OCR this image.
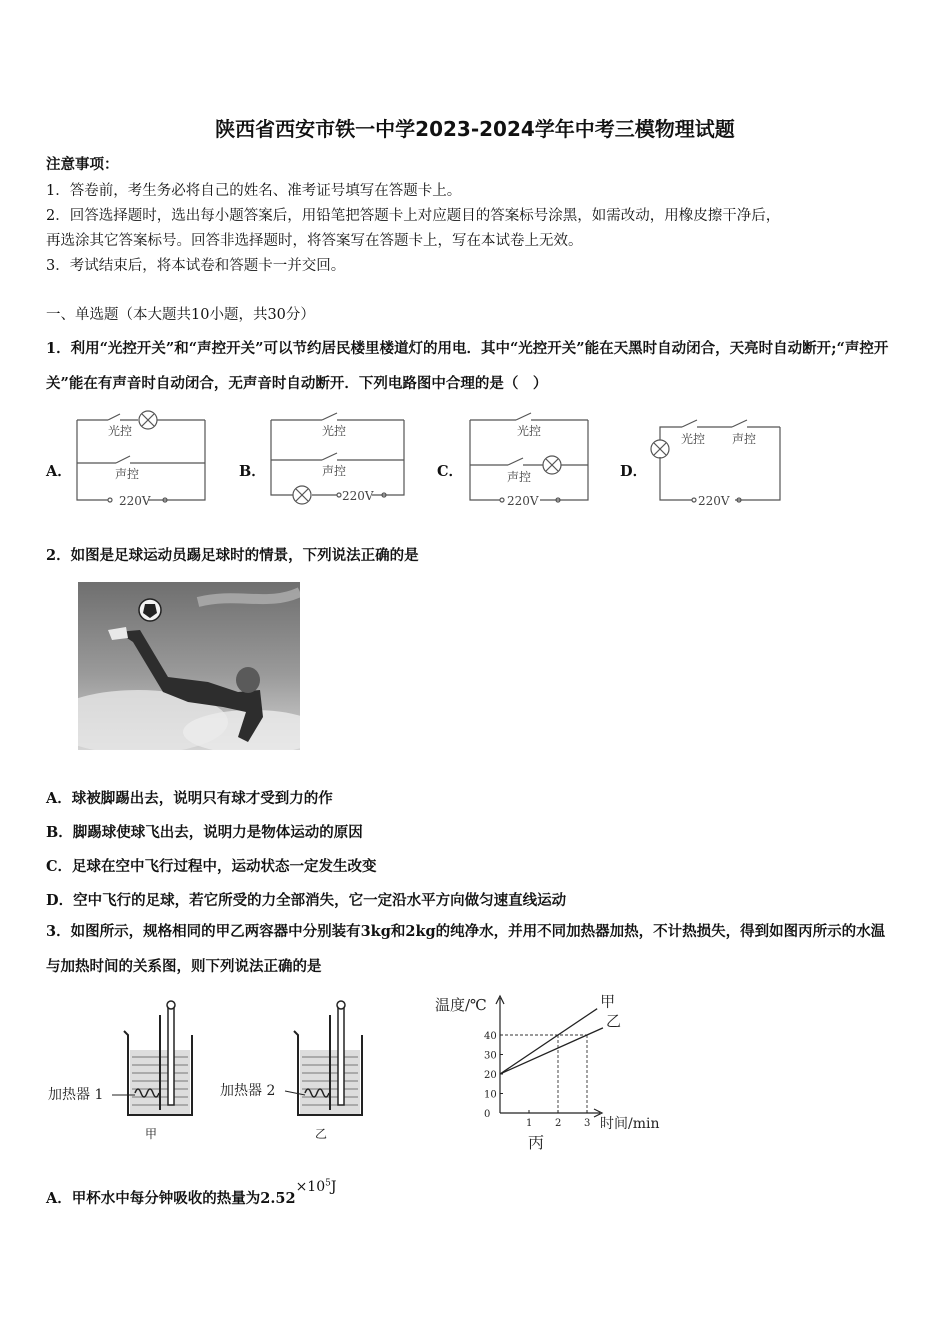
陕西省西安市铁一中学2023-2024学年中考三模物理试题
注意事项：
1．答卷前，考生务必将自己的姓名、准考证号填写在答题卡上。
2．回答选择题时，选出每小题答案后，用铅笔把答题卡上对应题目的答案标号涂黑，如需改动，用橡皮擦干净后，
再选涂其它答案标号。回答非选择题时，将答案写在答题卡上，写在本试卷上无效。
3．考试结束后，将本试卷和答题卡一并交回。
一、单选题（本大题共10小题，共30分）
1．利用“光控开关”和“声控开关”可以节约居民楼里楼道灯的用电．其中“光控开关”能在天黑时自动闭合，天亮时自动断开;“声控开关”能在有声音时自动闭合，无声音时自动断开．下列电路图中合理的是（　）
A．	B．	C．	D．
光控
声控
220V
光控
声控
220V
光控
声控
220V
光控 声控
220V
2．如图是足球运动员踢足球时的情景，下列说法正确的是
A．球被脚踢出去，说明只有球才受到力的作
B．脚踢球使球飞出去，说明力是物体运动的原因
C．足球在空中飞行过程中，运动状态一定发生改变
D．空中飞行的足球，若它所受的力全部消失，它一定沿水平方向做匀速直线运动
3．如图所示，规格相同的甲乙两容器中分别装有3kg和2kg的纯净水，并用不同加热器加热，不计热损失，得到如图丙所示的水温与加热时间的关系图，则下列说法正确的是
加热器 1	加热器 2
甲	乙
1 2 3
0
10
20
30
40
甲
乙
温度/℃
时间/min
丙
A．甲杯水中每分钟吸收的热量为$2.52\times 10^5J$
